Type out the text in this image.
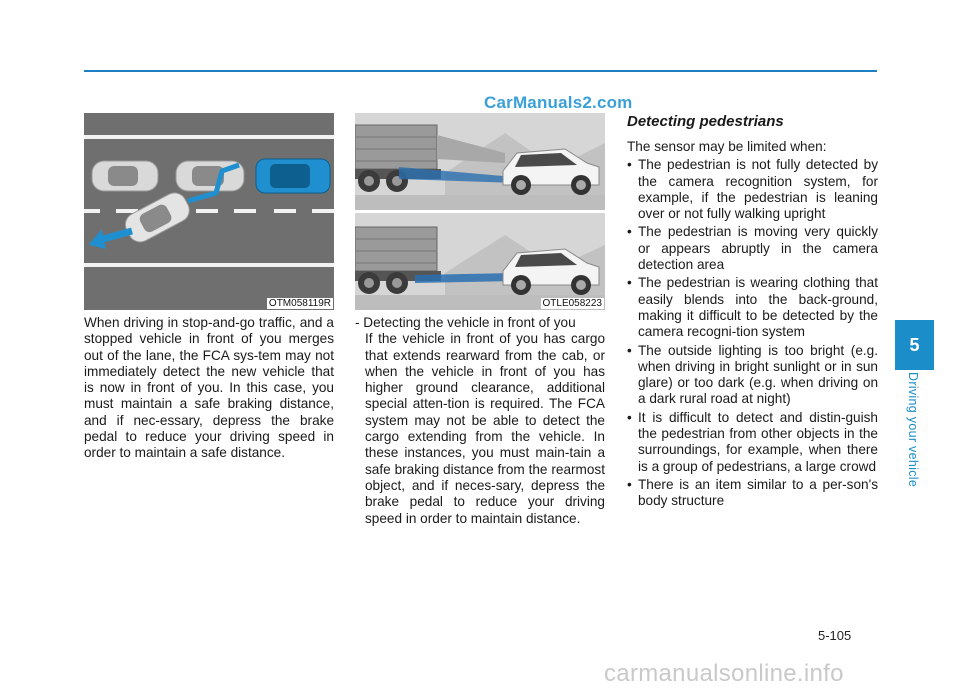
CarManuals2.com
OTM058119R	OTLE058223
When driving in stop-and-go traffic, and a stopped vehicle in front of you merges out of the lane, the FCA sys-tem may not immediately detect the new vehicle that is now in front of you. In this case, you must maintain a safe braking distance, and if nec-essary, depress the brake pedal to reduce your driving speed in order to maintain a safe distance.
- Detecting the vehicle in front of you
If the vehicle in front of you has cargo that extends rearward from the cab, or when the vehicle in front of you has higher ground clearance, additional special atten-tion is required. The FCA system may not be able to detect the cargo extending from the vehicle. In these instances, you must main-tain a safe braking distance from the rearmost object, and if neces-sary, depress the brake pedal to reduce your driving speed in order to maintain distance.
Detecting pedestrians
The sensor may be limited when:
• The pedestrian is not fully detected by the camera recognition system, for example, if the pedestrian is leaning over or not fully walking upright
• The pedestrian is moving very quickly or appears abruptly in the camera detection area
• The pedestrian is wearing clothing that easily blends into the back-ground, making it difficult to be detected by the camera recogni-tion system
• The outside lighting is too bright (e.g. when driving in bright sunlight or in sun glare) or too dark (e.g. when driving on a dark rural road at night)
• It is difficult to detect and distin-guish the pedestrian from other objects in the surroundings, for example, when there is a group of pedestrians, a large crowd
• There is an item similar to a per-son's body structure
5
Driving your vehicle
5-105
carmanualsonline.info
